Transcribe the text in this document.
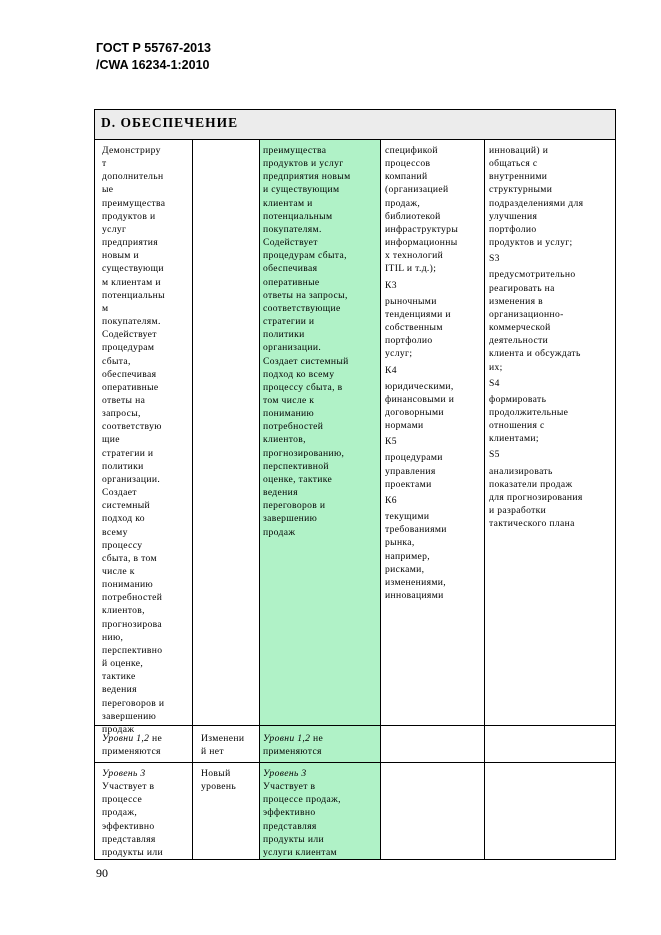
ГОСТ Р 55767-2013
/CWA 16234-1:2010
D. ОБЕСПЕЧЕНИЕ
Демонстриру
т
дополнительн
ые
преимущества
продуктов и
услуг
предприятия
новым и
существующи
м клиентам и
потенциальны
м
покупателям.
Содействует
процедурам
сбыта,
обеспечивая
оперативные
ответы на
запросы,
соответствую
щие
стратегии и
политики
организации.
Создает
системный
подход ко
всему
процессу
сбыта, в том
числе к
пониманию
потребностей
клиентов,
прогнозирова
нию,
перспективно
й оценке,
тактике
ведения
переговоров и
завершению
продаж
преимущества
продуктов и услуг
предприятия новым
и существующим
клиентам и
потенциальным
покупателям.
Содействует
процедурам сбыта,
обеспечивая
оперативные
ответы на запросы,
соответствующие
стратегии и
политики
организации.
Создает системный
подход ко всему
процессу сбыта, в
том числе к
пониманию
потребностей
клиентов,
прогнозированию,
перспективной
оценке, тактике
ведения
переговоров и
завершению
продаж
спецификой
процессов
компаний
(организацией
продаж,
библиотекой
инфраструктуры
информационны
х технологий
ITIL и т.д.);
К3
рыночными
тенденциями и
собственным
портфолио
услуг;
К4
юридическими,
финансовыми и
договорными
нормами
К5
процедурами
управления
проектами
К6
текущими
требованиями
рынка,
например,
рисками,
изменениями,
инновациями
инноваций) и
общаться с
внутренними
структурными
подразделениями для
улучшения
портфолио
продуктов и услуг;
S3
предусмотрительно
реагировать на
изменения в
организационно-
коммерческой
деятельности
клиента и обсуждать
их;
S4
формировать
продолжительные
отношения с
клиентами;
S5
анализировать
показатели продаж
для прогнозирования
и разработки
тактического плана
Уровни 1,2 не
применяются
Изменени
й нет
Уровни 1,2 не
применяются
Уровень 3
Участвует в
процессе
продаж,
эффективно
представляя
продукты или
Новый
уровень
Уровень 3
Участвует в
процессе продаж,
эффективно
представляя
продукты или
услуги клиентам
90
